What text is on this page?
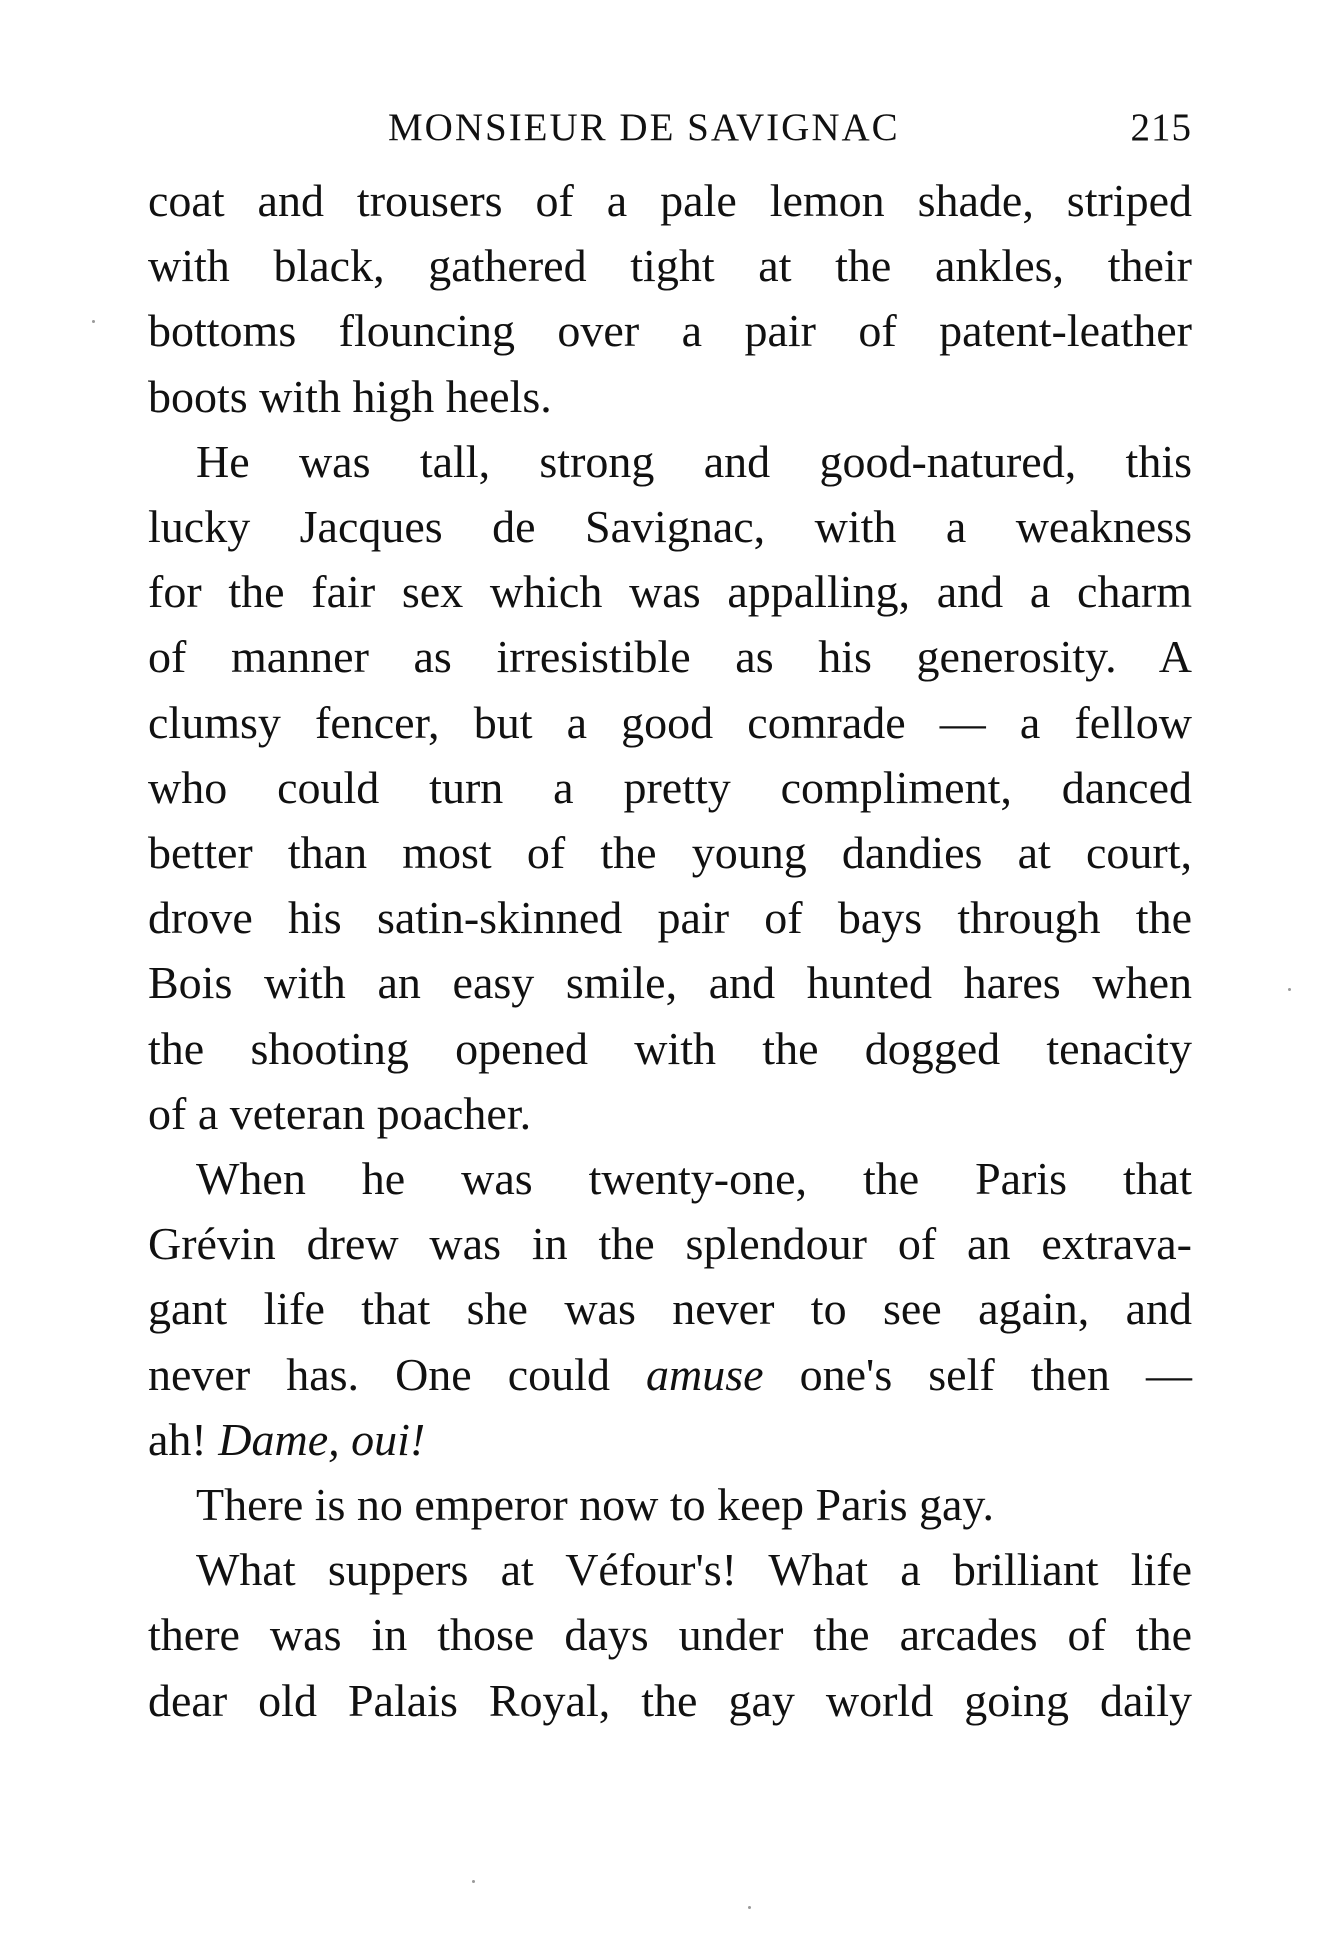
MONSIEUR DE SAVIGNAC	215
coat and trousers of a pale lemon shade, striped
with black, gathered tight at the ankles, their
bottoms flouncing over a pair of patent-leather
boots with high heels.
He was tall, strong and good-natured, this
lucky Jacques de Savignac, with a weakness
for the fair sex which was appalling, and a charm
of manner as irresistible as his generosity. A
clumsy fencer, but a good comrade — a fellow
who could turn a pretty compliment, danced
better than most of the young dandies at court,
drove his satin-skinned pair of bays through the
Bois with an easy smile, and hunted hares when
the shooting opened with the dogged tenacity
of a veteran poacher.
When he was twenty-one, the Paris that
Grévin drew was in the splendour of an extrava-
gant life that she was never to see again, and
never has. One could amuse one's self then —
ah! Dame, oui!
There is no emperor now to keep Paris gay.
What suppers at Véfour's! What a brilliant life
there was in those days under the arcades of the
dear old Palais Royal, the gay world going daily
